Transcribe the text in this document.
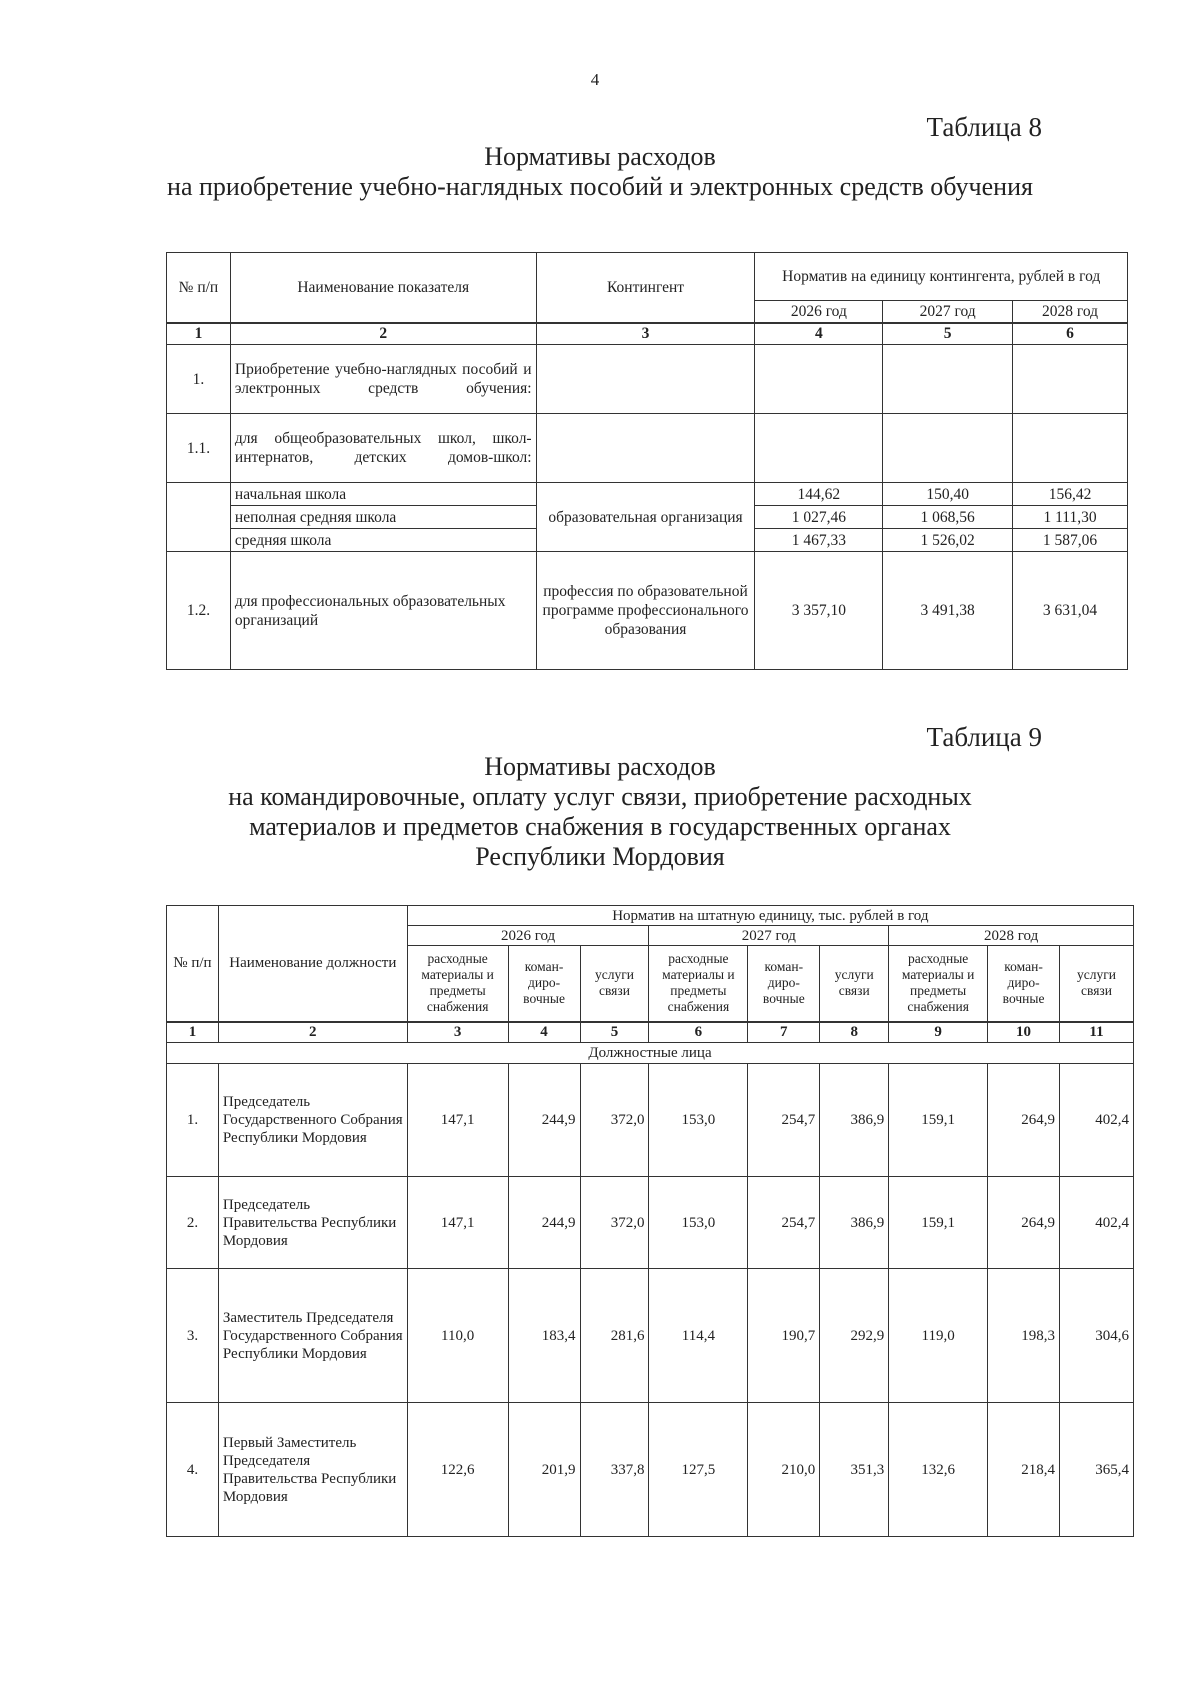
4
Таблица 8
Нормативы расходов
на приобретение учебно-наглядных пособий и электронных средств обучения
№ п/п	Наименование показателя	Контингент	Норматив на единицу контингента, рублей в год		
			2026 год	2027 год	2028 год
1	2	3	4	5	6
1.	Приобретение учебно-наглядных пособий и электронных средств обучения:				
1.1.	для общеобразовательных школ, школ-интернатов, детских домов-школ:				
	начальная школа	образовательная организация	144,62	150,40	156,42
	неполная средняя школа		1 027,46	1 068,56	1 111,30
	средняя школа		1 467,33	1 526,02	1 587,06
1.2.	для профессиональных образовательных организаций	профессия по образовательной программе профессионального образования	3 357,10	3 491,38	3 631,04
Таблица 9
Нормативы расходов
на командировочные, оплату услуг связи, приобретение расходных
материалов и предметов снабжения в государственных органах
Республики Мордовия
№ п/п	Наименование должности	Норматив на штатную единицу, тыс. рублей в год								
		2026 год			2027 год			2028 год		
		расходные материалы и предметы снабжения	коман-диро-вочные	услуги связи	расходные материалы и предметы снабжения	коман-диро-вочные	услуги связи	расходные материалы и предметы снабжения	коман-диро-вочные	услуги связи
1	2	3	4	5	6	7	8	9	10	11
Должностные лица										
1.	Председатель Государственного Собрания Республики Мордовия	147,1	244,9	372,0	153,0	254,7	386,9	159,1	264,9	402,4
2.	Председатель Правительства Республики Мордовия	147,1	244,9	372,0	153,0	254,7	386,9	159,1	264,9	402,4
3.	Заместитель Председателя Государственного Собрания Республики Мордовия	110,0	183,4	281,6	114,4	190,7	292,9	119,0	198,3	304,6
4.	Первый Заместитель Председателя Правительства Республики Мордовия	122,6	201,9	337,8	127,5	210,0	351,3	132,6	218,4	365,4
